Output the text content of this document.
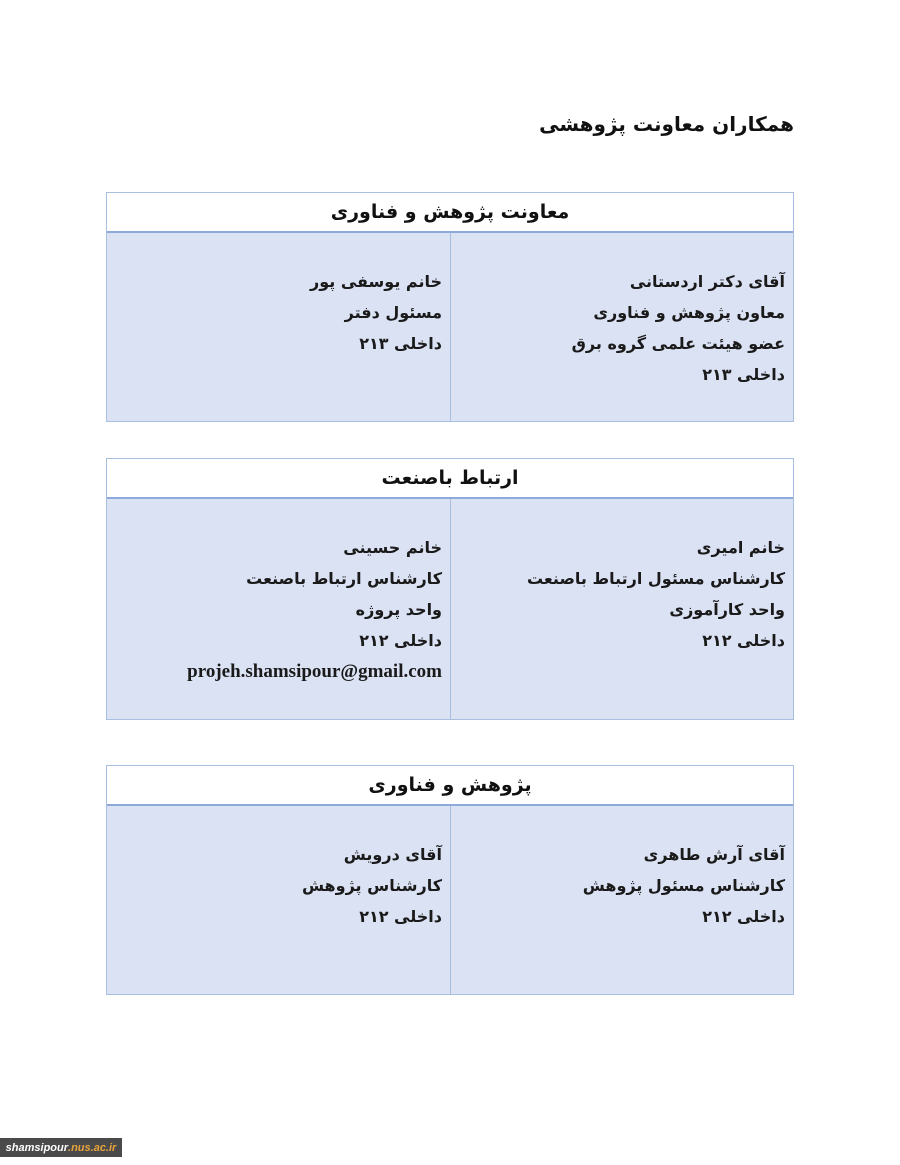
همکاران معاونت پژوهشی
معاونت پژوهش و فناوری
آقای دکتر اردستانی
معاون پژوهش و فناوری
عضو هیئت علمی گروه برق
داخلی ۲۱۳
خانم یوسفی پور
مسئول دفتر
داخلی ۲۱۳
ارتباط باصنعت
خانم امیری
کارشناس مسئول ارتباط باصنعت
واحد کارآموزی
داخلی ۲۱۲
خانم حسینی
کارشناس ارتباط باصنعت
واحد پروژه
داخلی ۲۱۲
projeh.shamsipour@gmail.com
پژوهش و فناوری
آقای آرش طاهری
کارشناس مسئول پژوهش
داخلی ۲۱۲
آقای درویش
کارشناس پژوهش
داخلی ۲۱۲
shamsipour .nus.ac.ir
